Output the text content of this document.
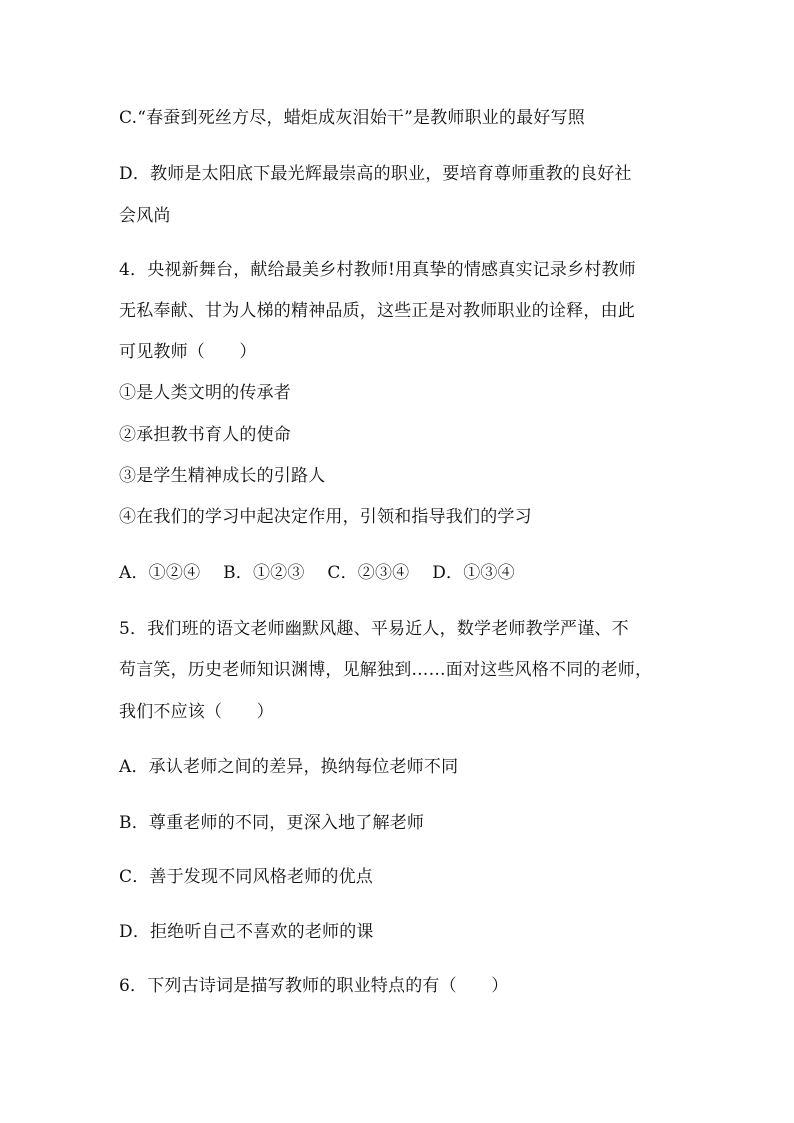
C.“春蚕到死丝方尽，蜡炬成灰泪始干”是教师职业的最好写照
D．教师是太阳底下最光辉最崇高的职业，要培育尊师重教的良好社
会风尚
4．央视新舞台，献给最美乡村教师!用真挚的情感真实记录乡村教师
无私奉献、甘为人梯的精神品质，这些正是对教师职业的诠释，由此
可见教师（　　）
①是人类文明的传承者
②承担教书育人的使命
③是学生精神成长的引路人
④在我们的学习中起决定作用，引领和指导我们的学习
A．①②④　 B．①②③　 C．②③④　 D．①③④
5．我们班的语文老师幽默风趣、平易近人，数学老师教学严谨、不
苟言笑，历史老师知识渊博，见解独到……面对这些风格不同的老师，
我们不应该（　　）
A．承认老师之间的差异，换纳每位老师不同
B．尊重老师的不同，更深入地了解老师
C．善于发现不同风格老师的优点
D．拒绝听自己不喜欢的老师的课
6．下列古诗词是描写教师的职业特点的有（　　）
